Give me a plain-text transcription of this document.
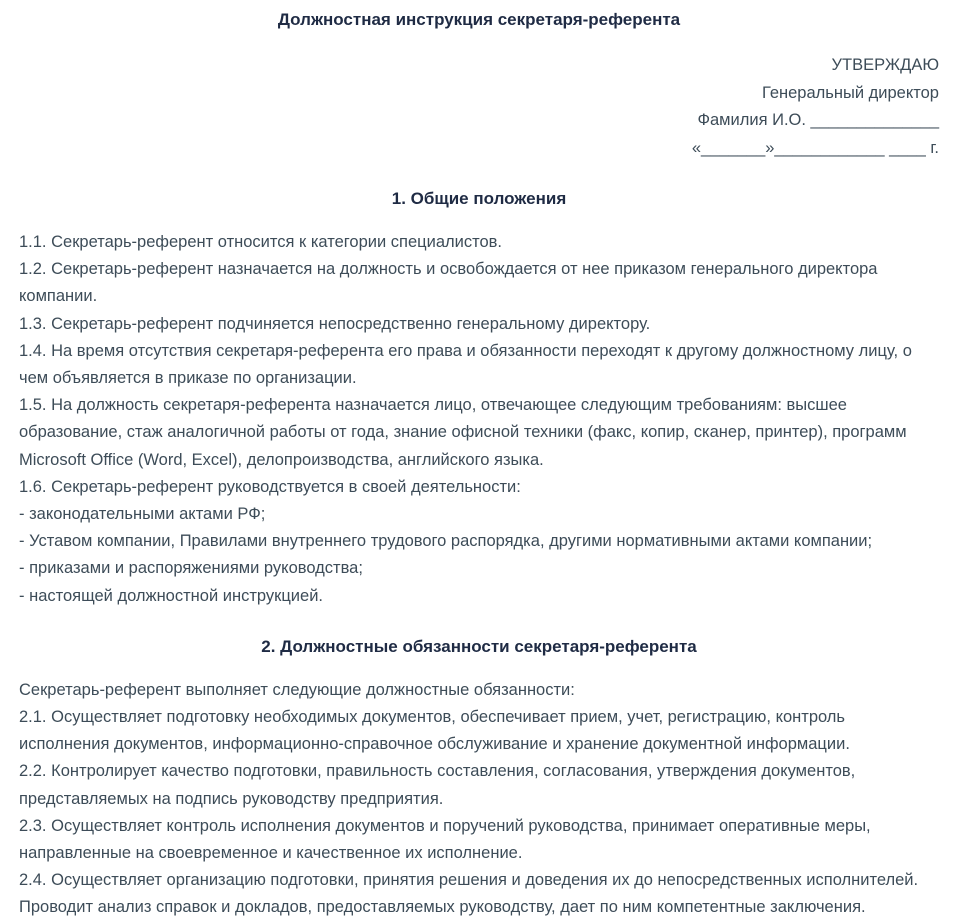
Должностная инструкция секретаря-референта
УТВЕРЖДАЮ
Генеральный директор
Фамилия И.О. ______________
«_______»____________ ____ г.
1. Общие положения

1.1. Секретарь-референт относится к категории специалистов.

1.2. Секретарь-референт назначается на должность и освобождается от нее приказом генерального директора компании.

1.3. Секретарь-референт подчиняется непосредственно генеральному директору.

1.4. На время отсутствия секретаря-референта его права и обязанности переходят к другому должностному лицу, о чем объявляется в приказе по организации.

1.5. На должность секретаря-референта назначается лицо, отвечающее следующим требованиям: высшее образование, стаж аналогичной работы от года, знание офисной техники (факс, копир, сканер, принтер), программ Microsoft Office (Word, Excel), делопроизводства, английского языка.

1.6. Секретарь-референт руководствуется в своей деятельности:

- законодательными актами РФ;

- Уставом компании, Правилами внутреннего трудового распорядка, другими нормативными актами компании;

- приказами и распоряжениями руководства;

- настоящей должностной инструкцией.

2. Должностные обязанности секретаря-референта

Секретарь-референт выполняет следующие должностные обязанности:

2.1. Осуществляет подготовку необходимых документов, обеспечивает прием, учет, регистрацию, контроль исполнения документов, информационно-справочное обслуживание и хранение документной информации.

2.2. Контролирует качество подготовки, правильность составления, согласования, утверждения документов, представляемых на подпись руководству предприятия.

2.3. Осуществляет контроль исполнения документов и поручений руководства, принимает оперативные меры, направленные на своевременное и качественное их исполнение.

2.4. Осуществляет организацию подготовки, принятия решения и доведения их до непосредственных исполнителей. Проводит анализ справок и докладов, предоставляемых руководству, дает по ним компетентные заключения.
